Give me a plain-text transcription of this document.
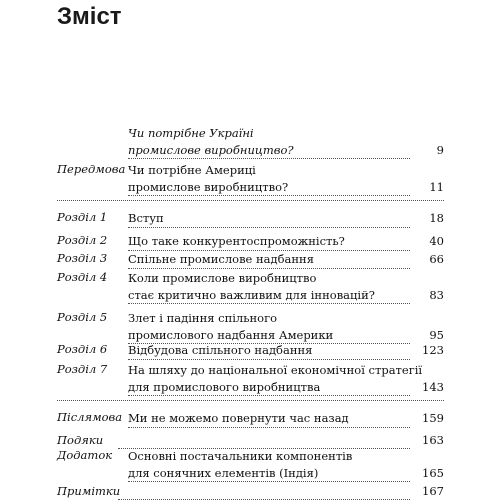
Зміст
Чи потрібне Україні
промислове виробництво?	9
Передмова Чи потрібне Америці
промислове виробництво?	11
Розділ 1 Вступ	18
Розділ 2 Що таке конкурентоспроможність?	40
Розділ 3 Спільне промислове надбання	66
Розділ 4 Коли промислове виробництво
стає критично важливим для інновацій?	83
Розділ 5 Злет і падіння спільного
промислового надбання Америки	95
Розділ 6 Відбудова спільного надбання	123
Розділ 7 На шляху до національної економічної стратегії
для промислового виробництва	143
Післямова Ми не можемо повернути час назад	159
Подяки	163
Додаток Основні постачальники компонентів
для сонячних елементів (Індія)	165
Примітки	167
